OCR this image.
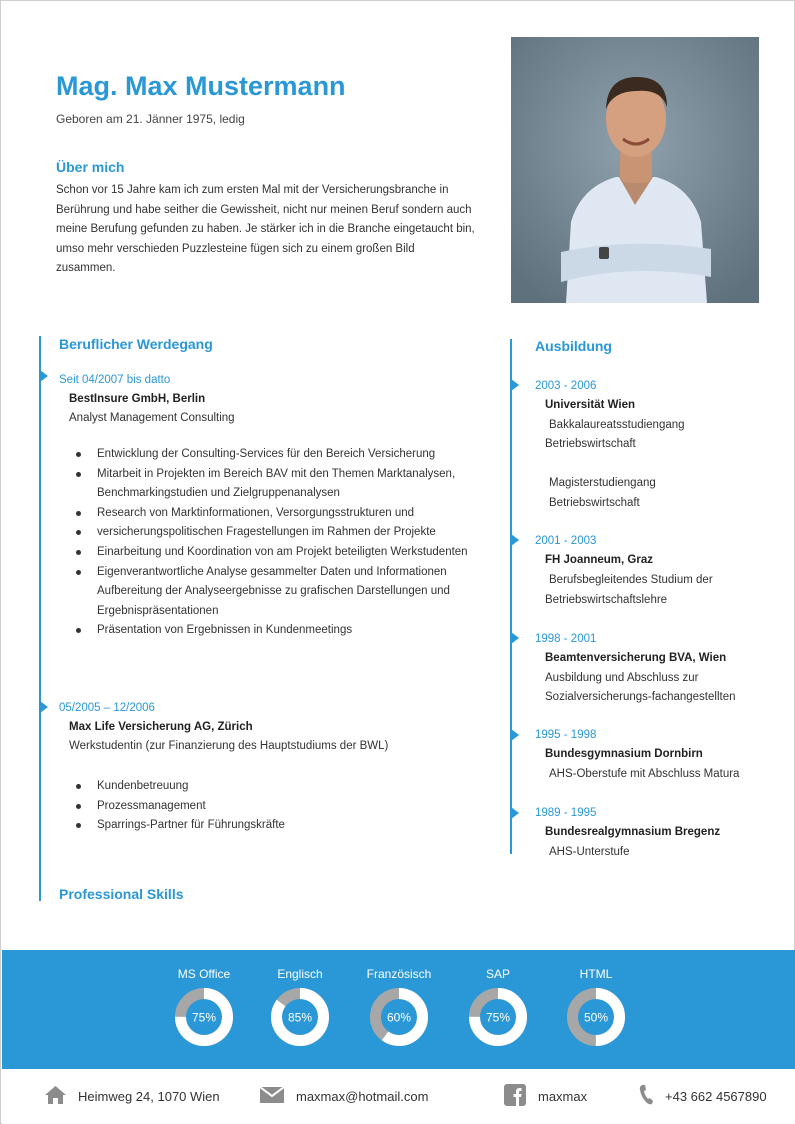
Mag. Max Mustermann
Geboren am 21. Jänner 1975, ledig
Über mich
Schon vor 15 Jahre kam ich zum ersten Mal mit der Versicherungsbranche in Berührung und habe seither die Gewissheit, nicht nur meinen Beruf sondern auch meine Berufung gefunden zu haben. Je stärker ich in die Branche eingetaucht bin, umso mehr verschieden Puzzlesteine fügen sich zu einem großen Bild zusammen.
Beruflicher Werdegang
Seit 04/2007 bis datto
BestInsure GmbH, Berlin
Analyst Management Consulting
Entwicklung der Consulting-Services für den Bereich Versicherung
Mitarbeit in Projekten im Bereich BAV mit den Themen Marktanalysen, Benchmarkingstudien und Zielgruppenanalysen
Research von Marktinformationen, Versorgungsstrukturen und
versicherungspolitischen Fragestellungen im Rahmen der Projekte
Einarbeitung und Koordination von am Projekt beteiligten Werkstudenten
Eigenverantwortliche Analyse gesammelter Daten und Informationen Aufbereitung der Analyseergebnisse zu grafischen Darstellungen und Ergebnispräsentationen
Präsentation von Ergebnissen in Kundenmeetings
05/2005 – 12/2006
Max Life Versicherung AG, Zürich
Werkstudentin (zur Finanzierung des Hauptstudiums der BWL)
Kundenbetreuung
Prozessmanagement
Sparrings-Partner für Führungskräfte
Professional Skills
Ausbildung
2003 - 2006
Universität Wien
Bakkalaureatsstudiengang
Betriebswirtschaft
Magisterstudiengang
Betriebswirtschaft
2001 - 2003
FH Joanneum, Graz
Berufsbegleitendes Studium der
Betriebswirtschaftslehre
1998 - 2001
Beamtenversicherung BVA, Wien
Ausbildung und Abschluss zur
Sozialversicherungs-fachangestellten
1995 - 1998
Bundesgymnasium Dornbirn
AHS-Oberstufe mit Abschluss Matura
1989 - 1995
Bundesrealgymnasium Bregenz
AHS-Unterstufe
MS Office
75%
Englisch
85%
Französisch
60%
SAP
75%
HTML
50%
Heimweg 24, 1070 Wien	maxmax@hotmail.com	maxmax	+43 662 4567890
